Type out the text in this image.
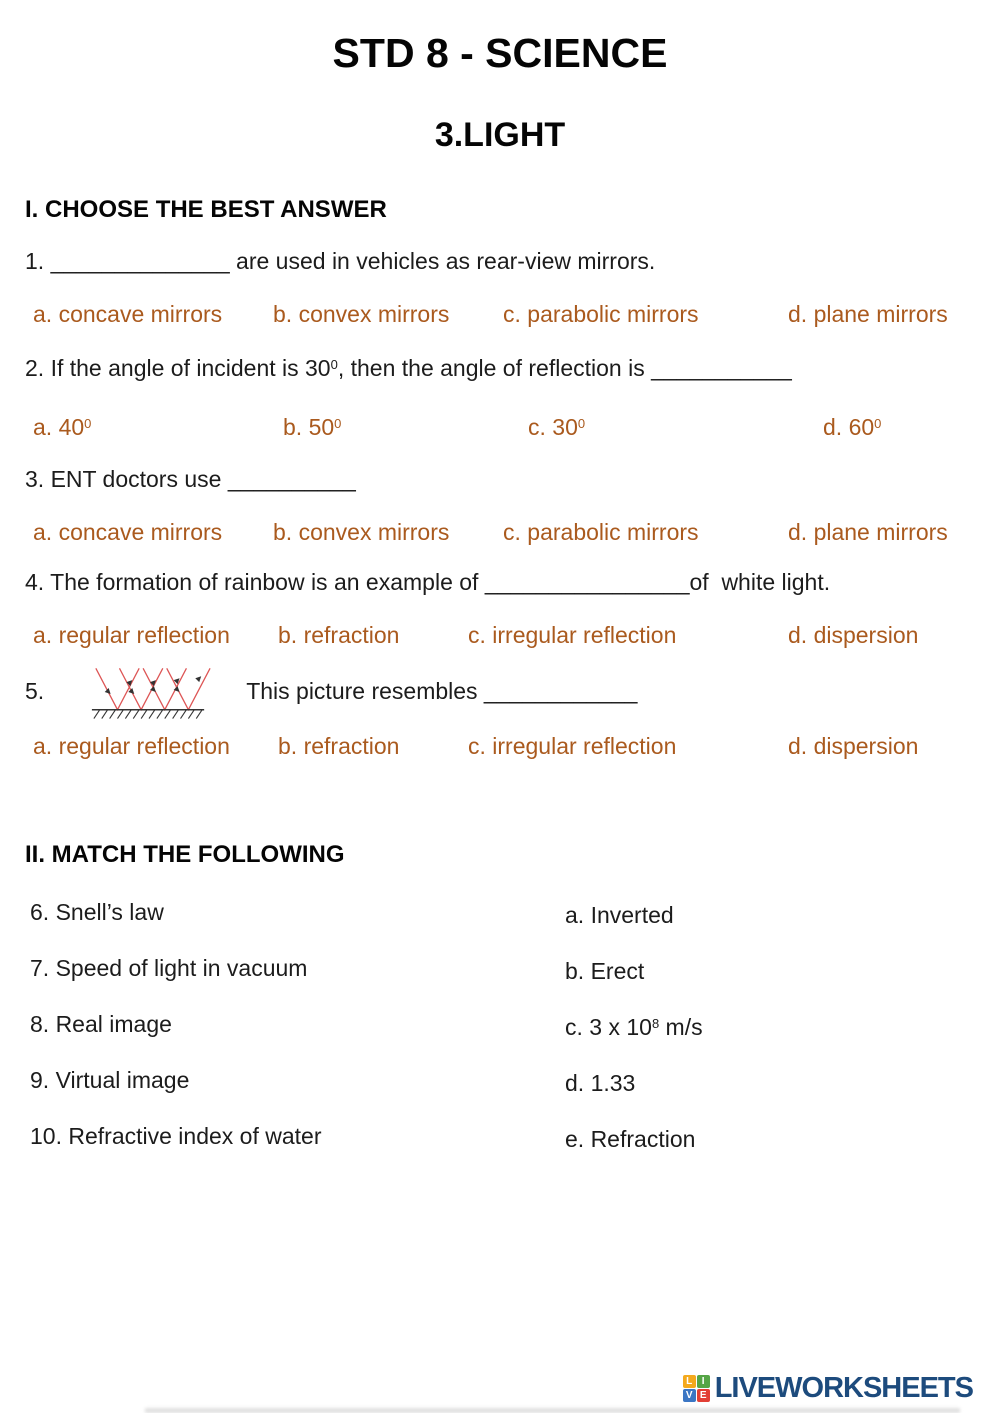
STD 8 - SCIENCE
3.LIGHT
I. CHOOSE THE BEST ANSWER
1. ______________ are used in vehicles as rear-view mirrors.
a. concave mirrors	b. convex mirrors	c. parabolic mirrors	d. plane mirrors
2. If the angle of incident is $30^0$, then the angle of reflection is ___________
a. $40^0$	b. $50^0$	c. $30^0$	d. $60^0$
3. ENT doctors use __________
a. concave mirrors	b. convex mirrors	c. parabolic mirrors	d. plane mirrors
4. The formation of rainbow is an example of ________________of  white light.
a. regular reflection	b. refraction	c. irregular reflection	d. dispersion
5.	This picture resembles ____________
a. regular reflection	b. refraction	c. irregular reflection	d. dispersion
II. MATCH THE FOLLOWING
6. Snell’s law	a. Inverted
7. Speed of light in vacuum	b. Erect
8. Real image	c. 3 x $10^8$ m/s
9. Virtual image	d. 1.33
10. Refractive index of water	e. Refraction
L I
V E LIVEWORKSHEETS
